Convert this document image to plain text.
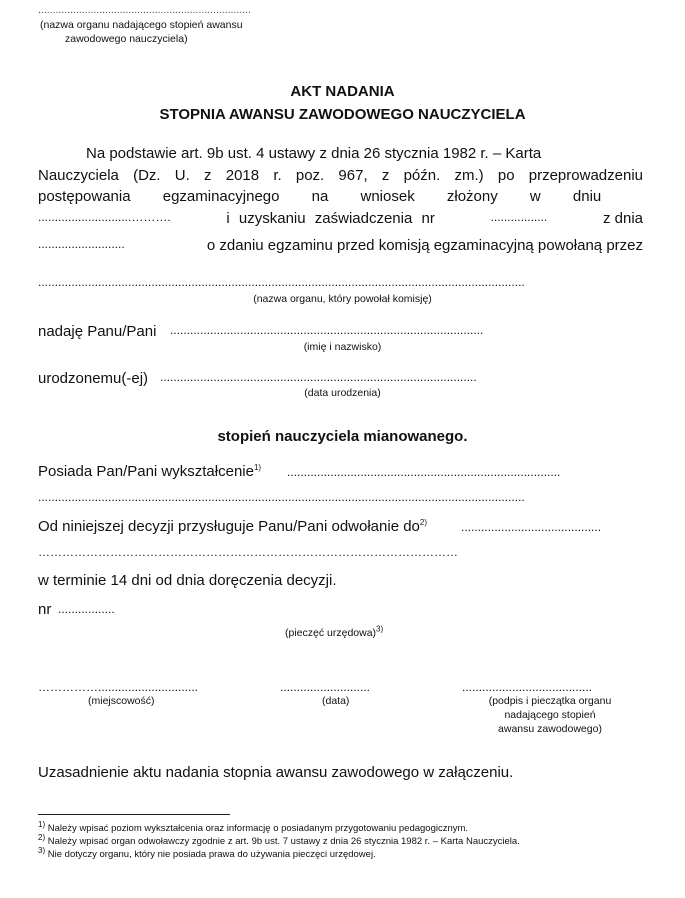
.........................................................................
(nazwa organu nadającego stopień awansu
zawodowego nauczyciela)
AKT NADANIA
STOPNIA AWANSU ZAWODOWEGO NAUCZYCIELA
Na podstawie art. 9b ust. 4 ustawy z dnia 26 stycznia 1982 r. – Karta
Nauczyciela (Dz. U. z 2018 r. poz. 967, z późn. zm.) po przeprowadzeniu
postępowania egzaminacyjnego na wniosek złożony w dniu
............................……….	i uzyskaniu zaświadczenia nr	.................	z dnia
..........................	o zdaniu egzaminu przed komisją egzaminacyjną powołaną przez
..................................................................................................................................................
(nazwa organu, który powołał komisję)
nadaję Panu/Pani ..............................................................................................
(imię i nazwisko)
urodzonemu(-ej) ...............................................................................................
(data urodzenia)
stopień nauczyciela mianowanego.
Posiada Pan/Pani wykształcenie$^{1)}$ ..................................................................................
..................................................................................................................................................
Od niniejszej decyzji przysługuje Panu/Pani odwołanie $do^{2)}$	..........................................
……………………………………………………………………………………………
w terminie 14 dni od dnia doręczenia decyzji.
nr .................
(pieczęć urzędowa)$^{3)}$
……………..............................
(miejscowość)
...........................
(data)
.......................................
(podpis i pieczątka organu
nadającego stopień
awansu zawodowego)
Uzasadnienie aktu nadania stopnia awansu zawodowego w załączeniu.
$^{1)}$ Należy wpisać poziom wykształcenia oraz informację o posiadanym przygotowaniu pedagogicznym.
$^{2)}$ Należy wpisać organ odwoławczy zgodnie z art. 9b ust. 7 ustawy z dnia 26 stycznia 1982 r. – Karta Nauczyciela.
$^{3)}$ Nie dotyczy organu, który nie posiada prawa do używania pieczęci urzędowej.
